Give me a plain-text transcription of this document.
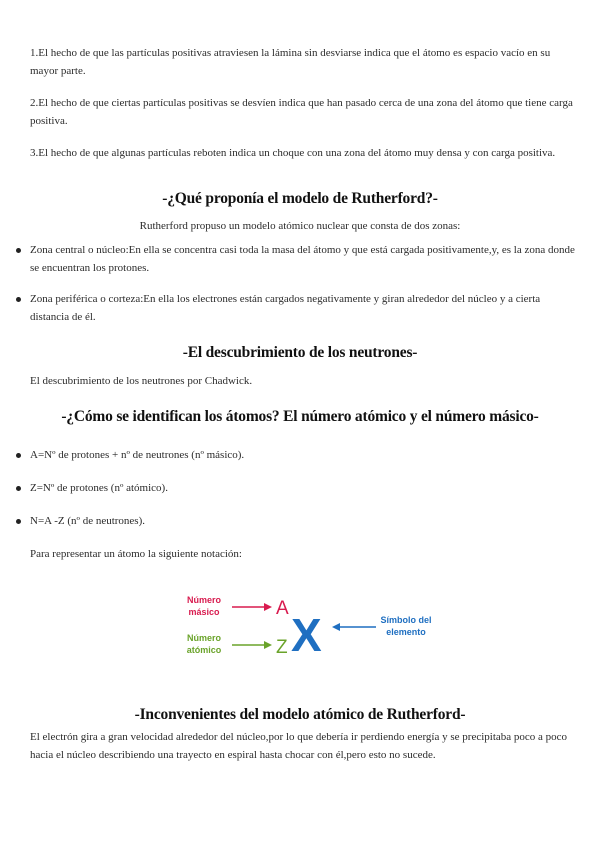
1.El hecho de que las partículas positivas atraviesen la lámina sin desviarse indica que el átomo es espacio vacío en su mayor parte.
2.El hecho de que ciertas partículas positivas se desvíen indica que han pasado cerca de una zona del átomo que tiene carga positiva.
3.El hecho de que algunas partículas reboten indica un choque con una zona del átomo muy densa y con carga positiva.
-¿Qué proponía el modelo de Rutherford?-
Rutherford propuso un modelo atómico nuclear que consta de dos zonas:
Zona central o núcleo:En ella se concentra casi toda la masa del átomo y que está cargada positivamente,y, es la zona donde se encuentran los protones.
Zona periférica o corteza:En ella los electrones están cargados negativamente y giran alrededor del núcleo y a cierta distancia de él.
-El descubrimiento de los neutrones-
El descubrimiento de los neutrones por Chadwick.
-¿Cómo se identifican los átomos? El número atómico y el número másico-
A=Nº de protones + nº de neutrones (nº másico).
Z=Nº de protones (nº atómico).
N=A -Z (nº de neutrones).
Para representar un átomo la siguiente notación:
Número
másico	A
Número
atómico	Z X	Símbolo del
elemento
-Inconvenientes del modelo atómico de Rutherford-
El electrón gira a gran velocidad alrededor del núcleo,por lo que debería ir perdiendo energía y se precipitaba poco a poco hacia el núcleo describiendo una trayecto en espiral hasta chocar con él,pero esto no sucede.
